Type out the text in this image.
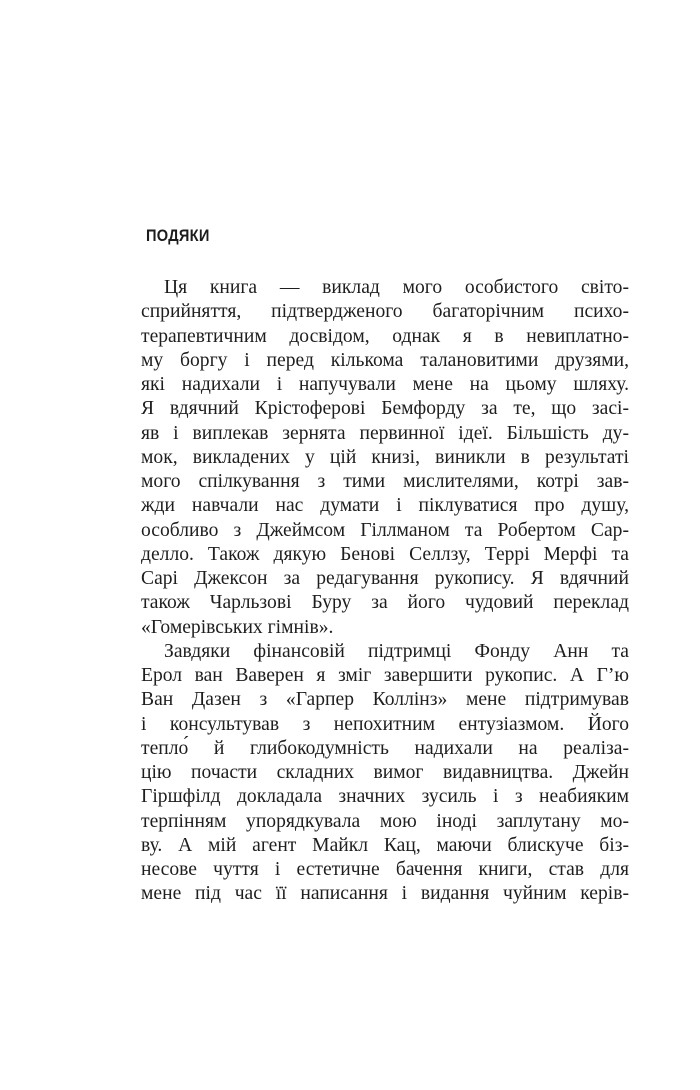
ПОДЯКИ
Ця книга — виклад мого особистого світо-
сприйняття, підтвердженого багаторічним психо-
терапевтичним досвідом, однак я в невиплатно-
му боргу і перед кількома талановитими друзями,
які надихали і напучували мене на цьому шляху.
Я вдячний Крістоферові Бемфорду за те, що засі-
яв і виплекав зернята первинної ідеї. Більшість ду-
мок, викладених у цій книзі, виникли в результаті
мого спілкування з тими мислителями, котрі зав-
жди навчали нас думати і піклуватися про душу,
особливо з Джеймсом Гіллманом та Робертом Сар-
делло. Також дякую Бенові Селлзу, Террі Мерфі та
Сарі Джексон за редагування рукопису. Я вдячний
також Чарльзові Буру за його чудовий переклад
«Гомерівських гімнів».
Завдяки фінансовій підтримці Фонду Анн та
Ерол ван Ваверен я зміг завершити рукопис. А Г’ю
Ван Дазен з «Гарпер Коллінз» мене підтримував
і консультував з непохитним ентузіазмом. Його
тепло́ й глибокодумність надихали на реаліза-
цію почасти складних вимог видавництва. Джейн
Гіршфілд докладала значних зусиль і з неабияким
терпінням упорядкувала мою іноді заплутану мо-
ву. А мій агент Майкл Кац, маючи блискуче біз-
несове чуття і естетичне бачення книги, став для
мене під час її написання і видання чуйним керів-
